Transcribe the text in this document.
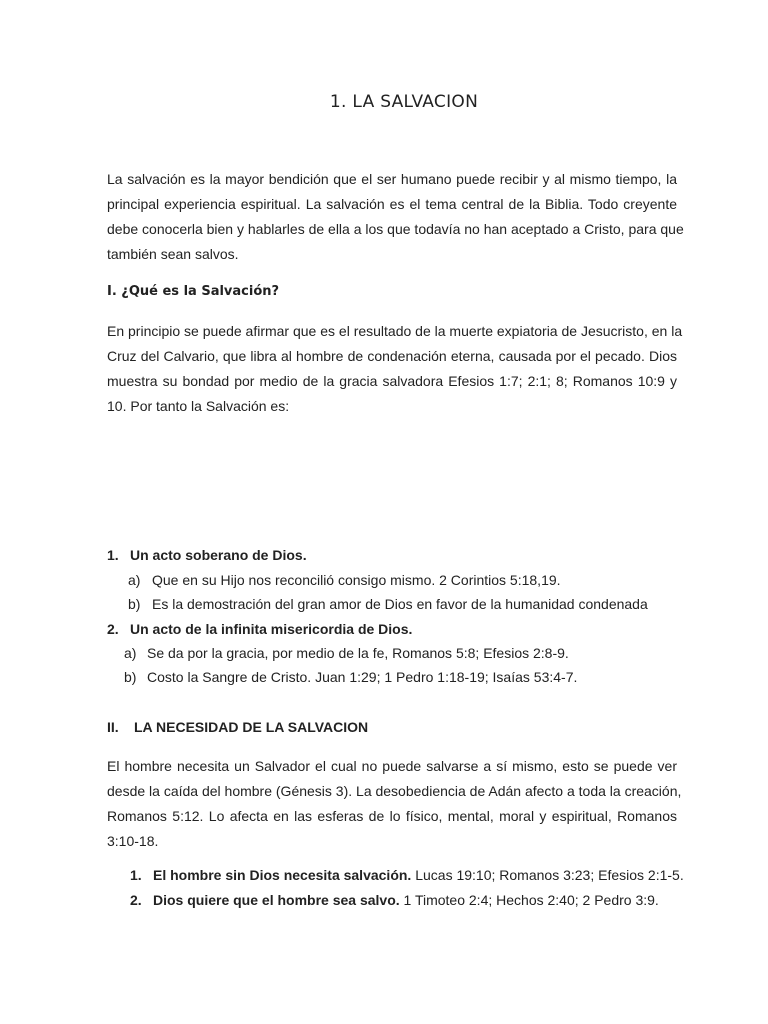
1. LA SALVACION
La salvación es la mayor bendición que el ser humano puede recibir y al mismo tiempo, la
principal experiencia espiritual. La salvación es el tema central de la Biblia. Todo creyente
debe conocerla bien y hablarles de ella a los que todavía no han aceptado a Cristo, para que
también sean salvos.
I. ¿Qué es la Salvación?
En principio se puede afirmar que es el resultado de la muerte expiatoria de Jesucristo, en la
Cruz del Calvario, que libra al hombre de condenación eterna, causada por el pecado. Dios
muestra su bondad por medio de la gracia salvadora Efesios 1:7; 2:1; 8; Romanos 10:9 y
10. Por tanto la Salvación es:
1. Un acto soberano de Dios.
a) Que en su Hijo nos reconcilió consigo mismo. 2 Corintios 5:18,19.
b) Es la demostración del gran amor de Dios en favor de la humanidad condenada
2. Un acto de la infinita misericordia de Dios.
a) Se da por la gracia, por medio de la fe, Romanos 5:8; Efesios 2:8-9.
b) Costo la Sangre de Cristo. Juan 1:29; 1 Pedro 1:18-19; Isaías 53:4-7.
II. LA NECESIDAD DE LA SALVACION
El hombre necesita un Salvador el cual no puede salvarse a sí mismo, esto se puede ver
desde la caída del hombre (Génesis 3). La desobediencia de Adán afecto a toda la creación,
Romanos 5:12. Lo afecta en las esferas de lo físico, mental, moral y espiritual, Romanos
3:10-18.
1. El hombre sin Dios necesita salvación. Lucas 19:10; Romanos 3:23; Efesios 2:1-5.
2. Dios quiere que el hombre sea salvo. 1 Timoteo 2:4; Hechos 2:40; 2 Pedro 3:9.
